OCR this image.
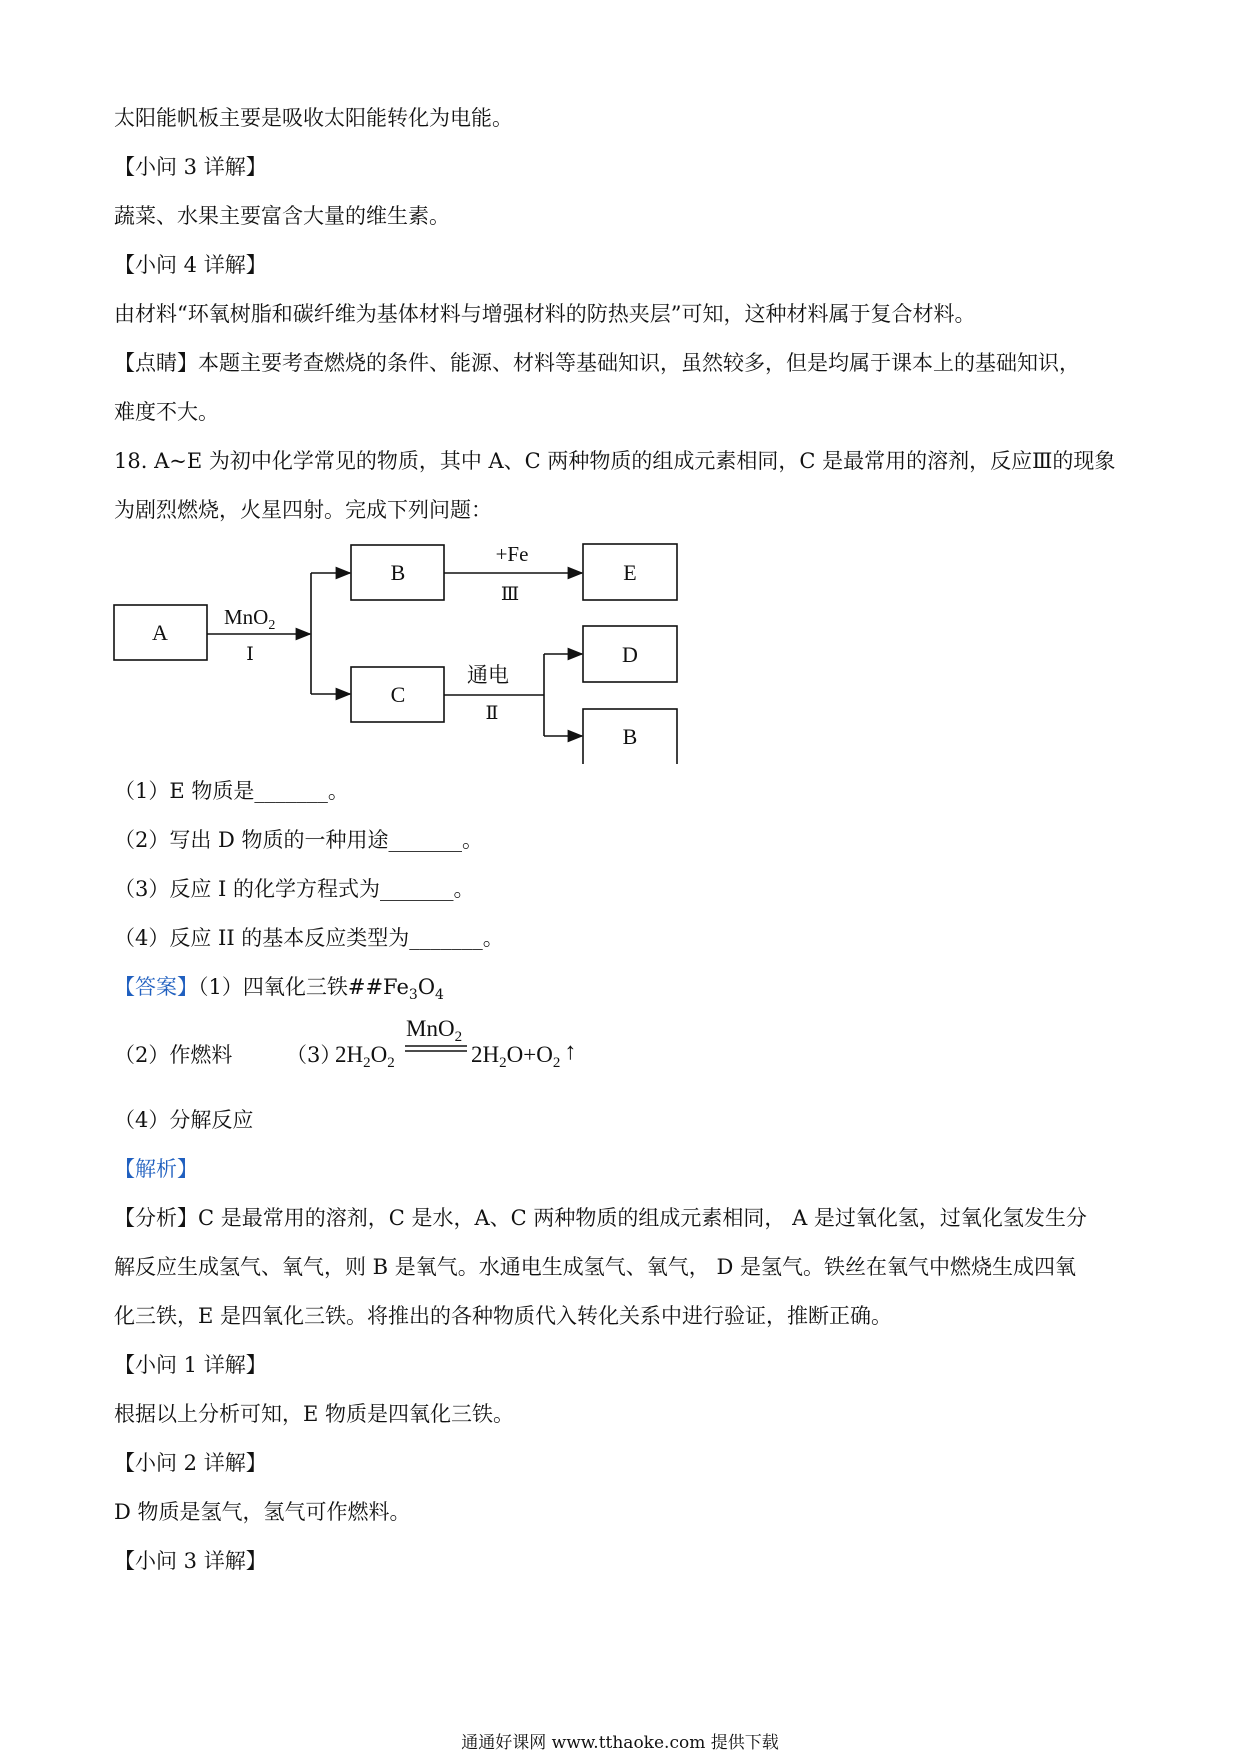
太阳能帆板主要是吸收太阳能转化为电能。
【小问 3 详解】
蔬菜、水果主要富含大量的维生素。
【小问 4 详解】
由材料“环氧树脂和碳纤维为基体材料与增强材料的防热夹层”可知，这种材料属于复合材料。
【点睛】本题主要考查燃烧的条件、能源、材料等基础知识，虽然较多，但是均属于课本上的基础知识，
难度不大。
18. A~E 为初中化学常见的物质，其中 A、C 两种物质的组成元素相同，C 是最常用的溶剂，反应Ⅲ的现象
为剧烈燃烧，火星四射。完成下列问题：
A
B
C
D
B
E
MnO$_2$
Ⅰ
+Fe
Ⅲ
通电
Ⅱ
（1）E 物质是_______。
（2）写出 D 物质的一种用途_______。
（3）反应 I 的化学方程式为_______。
（4）反应 II 的基本反应类型为_______。
【答案】（1）四氧化三铁$\#\#Fe_3O_4$
（2）作燃料	（3）
$2H_2O_2$
MnO$_2$
$2H_2O+O_2$ ↑
（4）分解反应
【解析】
【分析】C 是最常用的溶剂，C 是水，A、C 两种物质的组成元素相同， A 是过氧化氢，过氧化氢发生分
解反应生成氢气、氧气，则 B 是氧气。水通电生成氢气、氧气， D 是氢气。铁丝在氧气中燃烧生成四氧
化三铁，E 是四氧化三铁。将推出的各种物质代入转化关系中进行验证，推断正确。
【小问 1 详解】
根据以上分析可知，E 物质是四氧化三铁。
【小问 2 详解】
D 物质是氢气，氢气可作燃料。
【小问 3 详解】
通通好课网 www.tthaoke.com 提供下载
